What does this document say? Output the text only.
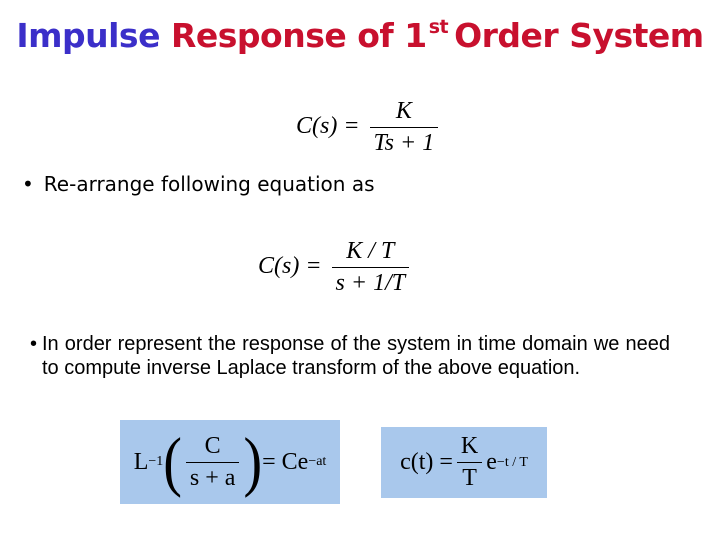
Impulse Response of 1 $^{st}$ Order System
$C(s) = \frac{K}{Ts + 1}$
• Re-arrange following equation as
$C(s) = \frac{K / T}{s + 1/T}$
• In order represent the response of the system in time domain we need to compute inverse Laplace transform of the above equation.
L −1 ( $\frac{C}{s + a}$ ) = Ce −at	$c(t) = \frac{K}{T}$ e −t / T
